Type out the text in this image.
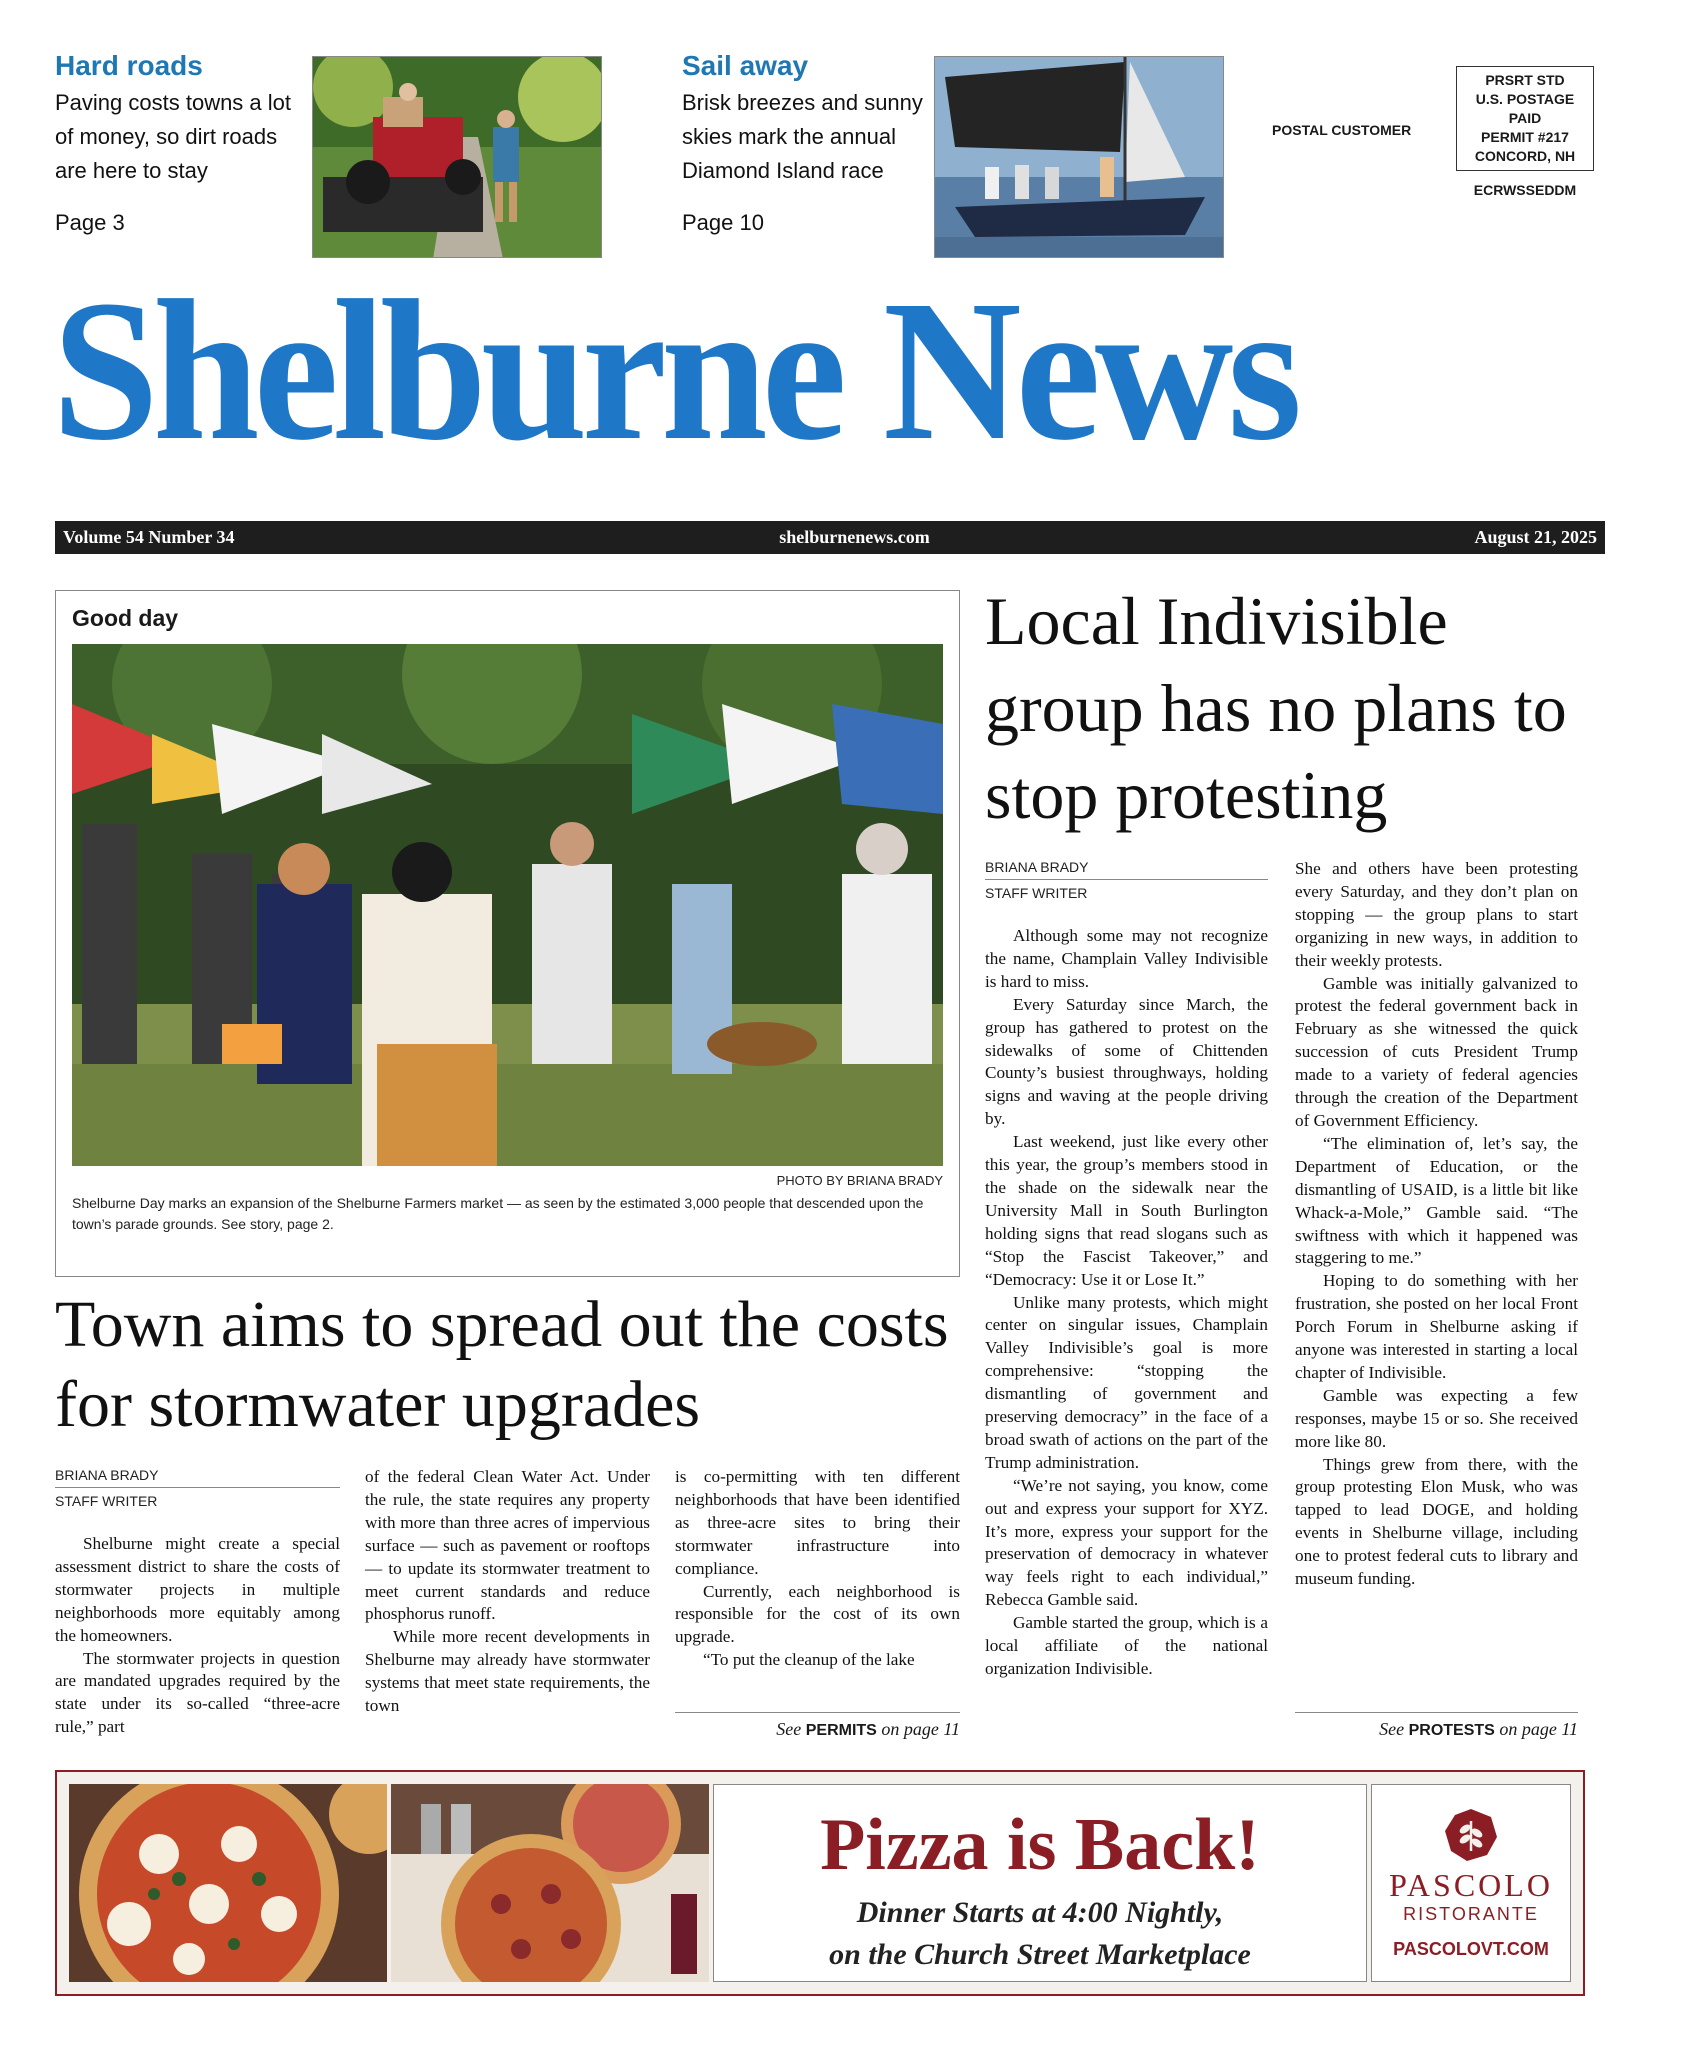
Hard roads
Paving costs towns a lot of money, so dirt roads are here to stay
Page 3
Sail away
Brisk breezes and sunny skies mark the annual Diamond Island race
Page 10
POSTAL CUSTOMER
PRSRT STD
U.S. POSTAGE
PAID
PERMIT #217
CONCORD, NH
ECRWSSEDDM
Shelburne News
Volume 54 Number 34	shelburnenews.com	August 21, 2025
Good day
PHOTO BY BRIANA BRADY
Shelburne Day marks an expansion of the Shelburne Farmers market — as seen by the estimated 3,000 people that descended upon the town’s parade grounds. See story, page 2.
Local Indivisible group has no plans to stop protesting
BRIANA BRADY
STAFF WRITER

Although some may not recognize the name, Champlain Valley Indivisible is hard to miss.

Every Saturday since March, the group has gathered to protest on the sidewalks of some of Chittenden County’s busiest throughways, holding signs and waving at the people driving by.

Last weekend, just like every other this year, the group’s members stood in the shade on the sidewalk near the University Mall in South Burlington holding signs that read slogans such as “Stop the Fascist Takeover,” and “Democracy: Use it or Lose It.”

Unlike many protests, which might center on singular issues, Champlain Valley Indivisible’s goal is more comprehensive: “stopping the dismantling of government and preserving democracy” in the face of a broad swath of actions on the part of the Trump administration.

“We’re not saying, you know, come out and express your support for XYZ. It’s more, express your support for the preservation of democracy in whatever way feels right to each individual,” Rebecca Gamble said.

Gamble started the group, which is a local affiliate of the national organization Indivisible.

She and others have been protesting every Saturday, and they don’t plan on stopping — the group plans to start organizing in new ways, in addition to their weekly protests.

Gamble was initially galvanized to protest the federal government back in February as she witnessed the quick succession of cuts President Trump made to a variety of federal agencies through the creation of the Department of Government Efficiency.

“The elimination of, let’s say, the Department of Education, or the dismantling of USAID, is a little bit like Whack-a-Mole,” Gamble said. “The swiftness with which it happened was staggering to me.”

Hoping to do something with her frustration, she posted on her local Front Porch Forum in Shelburne asking if anyone was interested in starting a local chapter of Indivisible.

Gamble was expecting a few responses, maybe 15 or so. She received more like 80.

Things grew from there, with the group protesting Elon Musk, who was tapped to lead DOGE, and holding events in Shelburne village, including one to protest federal cuts to library and museum funding.

See PROTESTS on page 11
Town aims to spread out the costs for stormwater upgrades
BRIANA BRADY
STAFF WRITER

Shelburne might create a special assessment district to share the costs of stormwater projects in multiple neighborhoods more equitably among the homeowners.

The stormwater projects in question are mandated upgrades required by the state under its so-called “three-acre rule,” part

of the federal Clean Water Act. Under the rule, the state requires any property with more than three acres of impervious surface — such as pavement or rooftops — to update its stormwater treatment to meet current standards and reduce phosphorus runoff.

While more recent developments in Shelburne may already have stormwater systems that meet state requirements, the town

is co-permitting with ten different neighborhoods that have been identified as three-acre sites to bring their stormwater infrastructure into compliance.

Currently, each neighborhood is responsible for the cost of its own upgrade.

“To put the cleanup of the lake

See PERMITS on page 11
Pizza is Back!
Dinner Starts at 4:00 Nightly,
on the Church Street Marketplace
PASCOLO
RISTORANTE
PASCOLOVT.COM
